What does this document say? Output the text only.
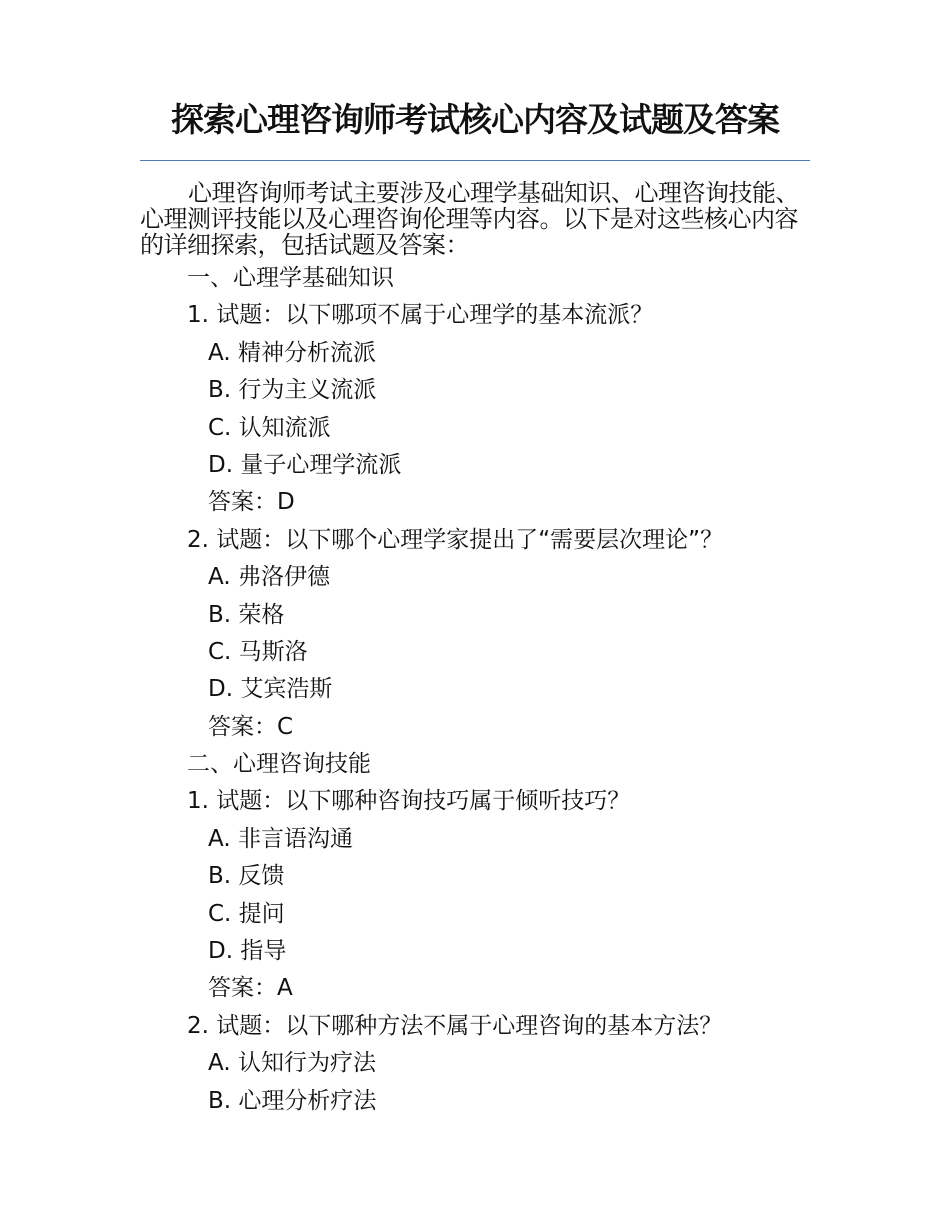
探索心理咨询师考试核心内容及试题及答案

心理咨询师考试主要涉及心理学基础知识、心理咨询技能、心理测评技能以及心理咨询伦理等内容。以下是对这些核心内容的详细探索，包括试题及答案：

一、心理学基础知识
1. 试题：以下哪项不属于心理学的基本流派？
A. 精神分析流派
B. 行为主义流派
C. 认知流派
D. 量子心理学流派
答案：D
2. 试题：以下哪个心理学家提出了“需要层次理论”？
A. 弗洛伊德
B. 荣格
C. 马斯洛
D. 艾宾浩斯
答案：C
二、心理咨询技能
1. 试题：以下哪种咨询技巧属于倾听技巧？
A. 非言语沟通
B. 反馈
C. 提问
D. 指导
答案：A
2. 试题：以下哪种方法不属于心理咨询的基本方法？
A. 认知行为疗法
B. 心理分析疗法
